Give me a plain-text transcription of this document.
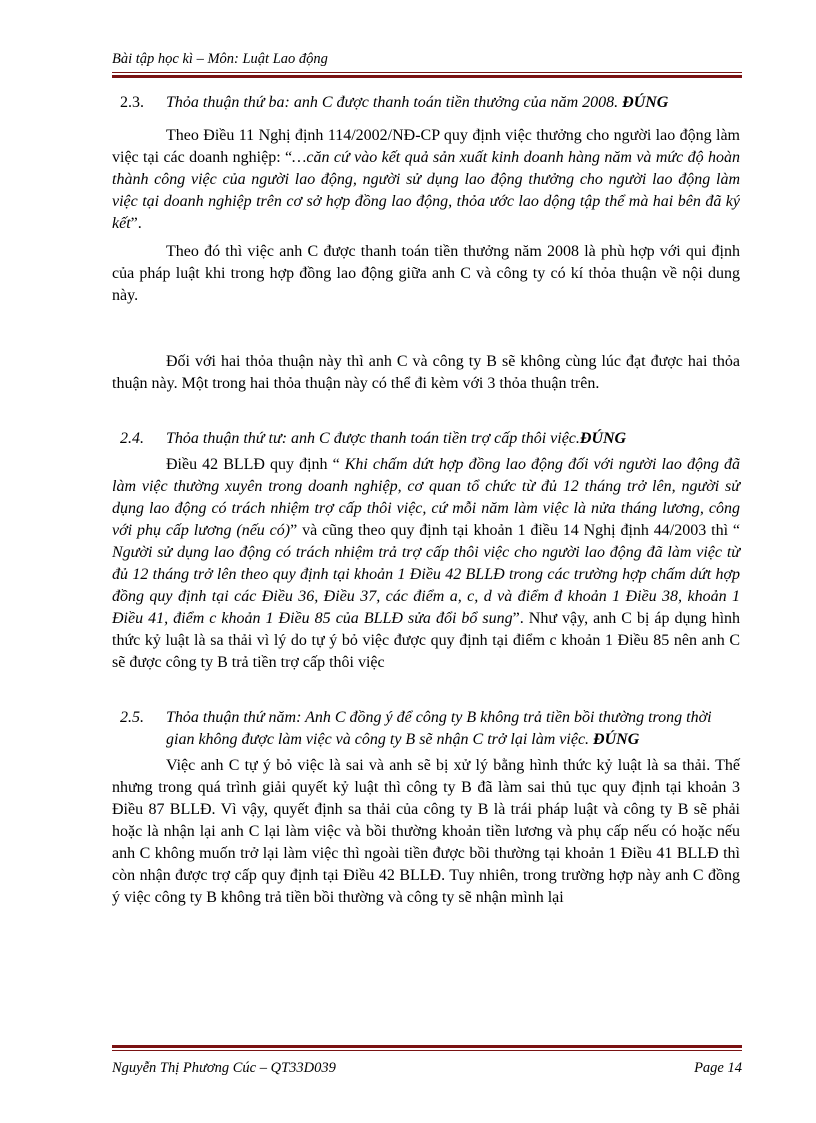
Bài tập học kì – Môn: Luật Lao động
2.3. Thỏa thuận thứ ba: anh C được thanh toán tiền thưởng của năm 2008. ĐÚNG

Theo Điều 11 Nghị định 114/2002/NĐ-CP quy định việc thưởng cho người lao động làm việc tại các doanh nghiệp: “…căn cứ vào kết quả sản xuất kinh doanh hàng năm và mức độ hoàn thành công việc của người lao động, người sử dụng lao động thưởng cho người lao động làm việc tại doanh nghiệp trên cơ sở hợp đồng lao động, thỏa ước lao dộng tập thể mà hai bên đã ký kết”.

Theo đó thì việc anh C được thanh toán tiền thưởng năm 2008 là phù hợp với qui định của pháp luật khi trong hợp đồng lao động giữa anh C và công ty có kí thỏa thuận về nội dung này.

Đối với hai thỏa thuận này thì anh C và công ty B sẽ không cùng lúc đạt được hai thỏa thuận này. Một trong hai thỏa thuận này có thể đi kèm với 3 thỏa thuận trên.

2.4. Thỏa thuận thứ tư: anh C được thanh toán tiền trợ cấp thôi việc.ĐÚNG

Điều 42 BLLĐ quy định “ Khi chấm dứt hợp đồng lao động đối với người lao động đã làm việc thường xuyên trong doanh nghiệp, cơ quan tổ chức từ đủ 12 tháng trở lên, người sử dụng lao động có trách nhiệm trợ cấp thôi việc, cứ mỗi năm làm việc là nửa tháng lương, công với phụ cấp lương (nếu có)” và cũng theo quy định tại khoản 1 điều 14 Nghị định 44/2003 thì “ Người sử dụng lao động có trách nhiệm trả trợ cấp thôi việc cho người lao động đã làm việc từ đủ 12 tháng trở lên theo quy định tại khoản 1 Điều 42 BLLĐ trong các trường hợp chấm dứt hợp đồng quy định tại các Điều 36, Điều 37, các điểm a, c, d và điểm đ khoản 1 Điều 38, khoản 1 Điều 41, điểm c khoản 1 Điều 85 của BLLĐ sửa đổi bổ sung”. Như vậy, anh C bị áp dụng hình thức kỷ luật là sa thải vì lý do tự ý bỏ việc được quy định tại điểm c khoản 1 Điều 85 nên anh C sẽ được công ty B trả tiền trợ cấp thôi việc

2.5. Thỏa thuận thứ năm: Anh C đồng ý để công ty B không trả tiền bồi thường trong thời gian không được làm việc và công ty B sẽ nhận C trở lại làm việc. ĐÚNG

Việc anh C tự ý bỏ việc là sai và anh sẽ bị xử lý bằng hình thức kỷ luật là sa thải. Thế nhưng trong quá trình giải quyết kỷ luật thì công ty B đã làm sai thủ tục quy định tại khoản 3 Điều 87 BLLĐ. Vì vậy, quyết định sa thải của công ty B là trái pháp luật và công ty B sẽ phải hoặc là nhận lại anh C lại làm việc và bồi thường khoản tiền lương và phụ cấp nếu có hoặc nếu anh C không muốn trở lại làm việc thì ngoài tiền được bồi thường tại khoản 1 Điều 41 BLLĐ thì còn nhận được trợ cấp quy định tại Điều 42 BLLĐ. Tuy nhiên, trong trường hợp này anh C đồng ý việc công ty B không trả tiền bồi thường và công ty sẽ nhận mình lại

Nguyễn Thị Phương Cúc – QT33D039	Page 14
